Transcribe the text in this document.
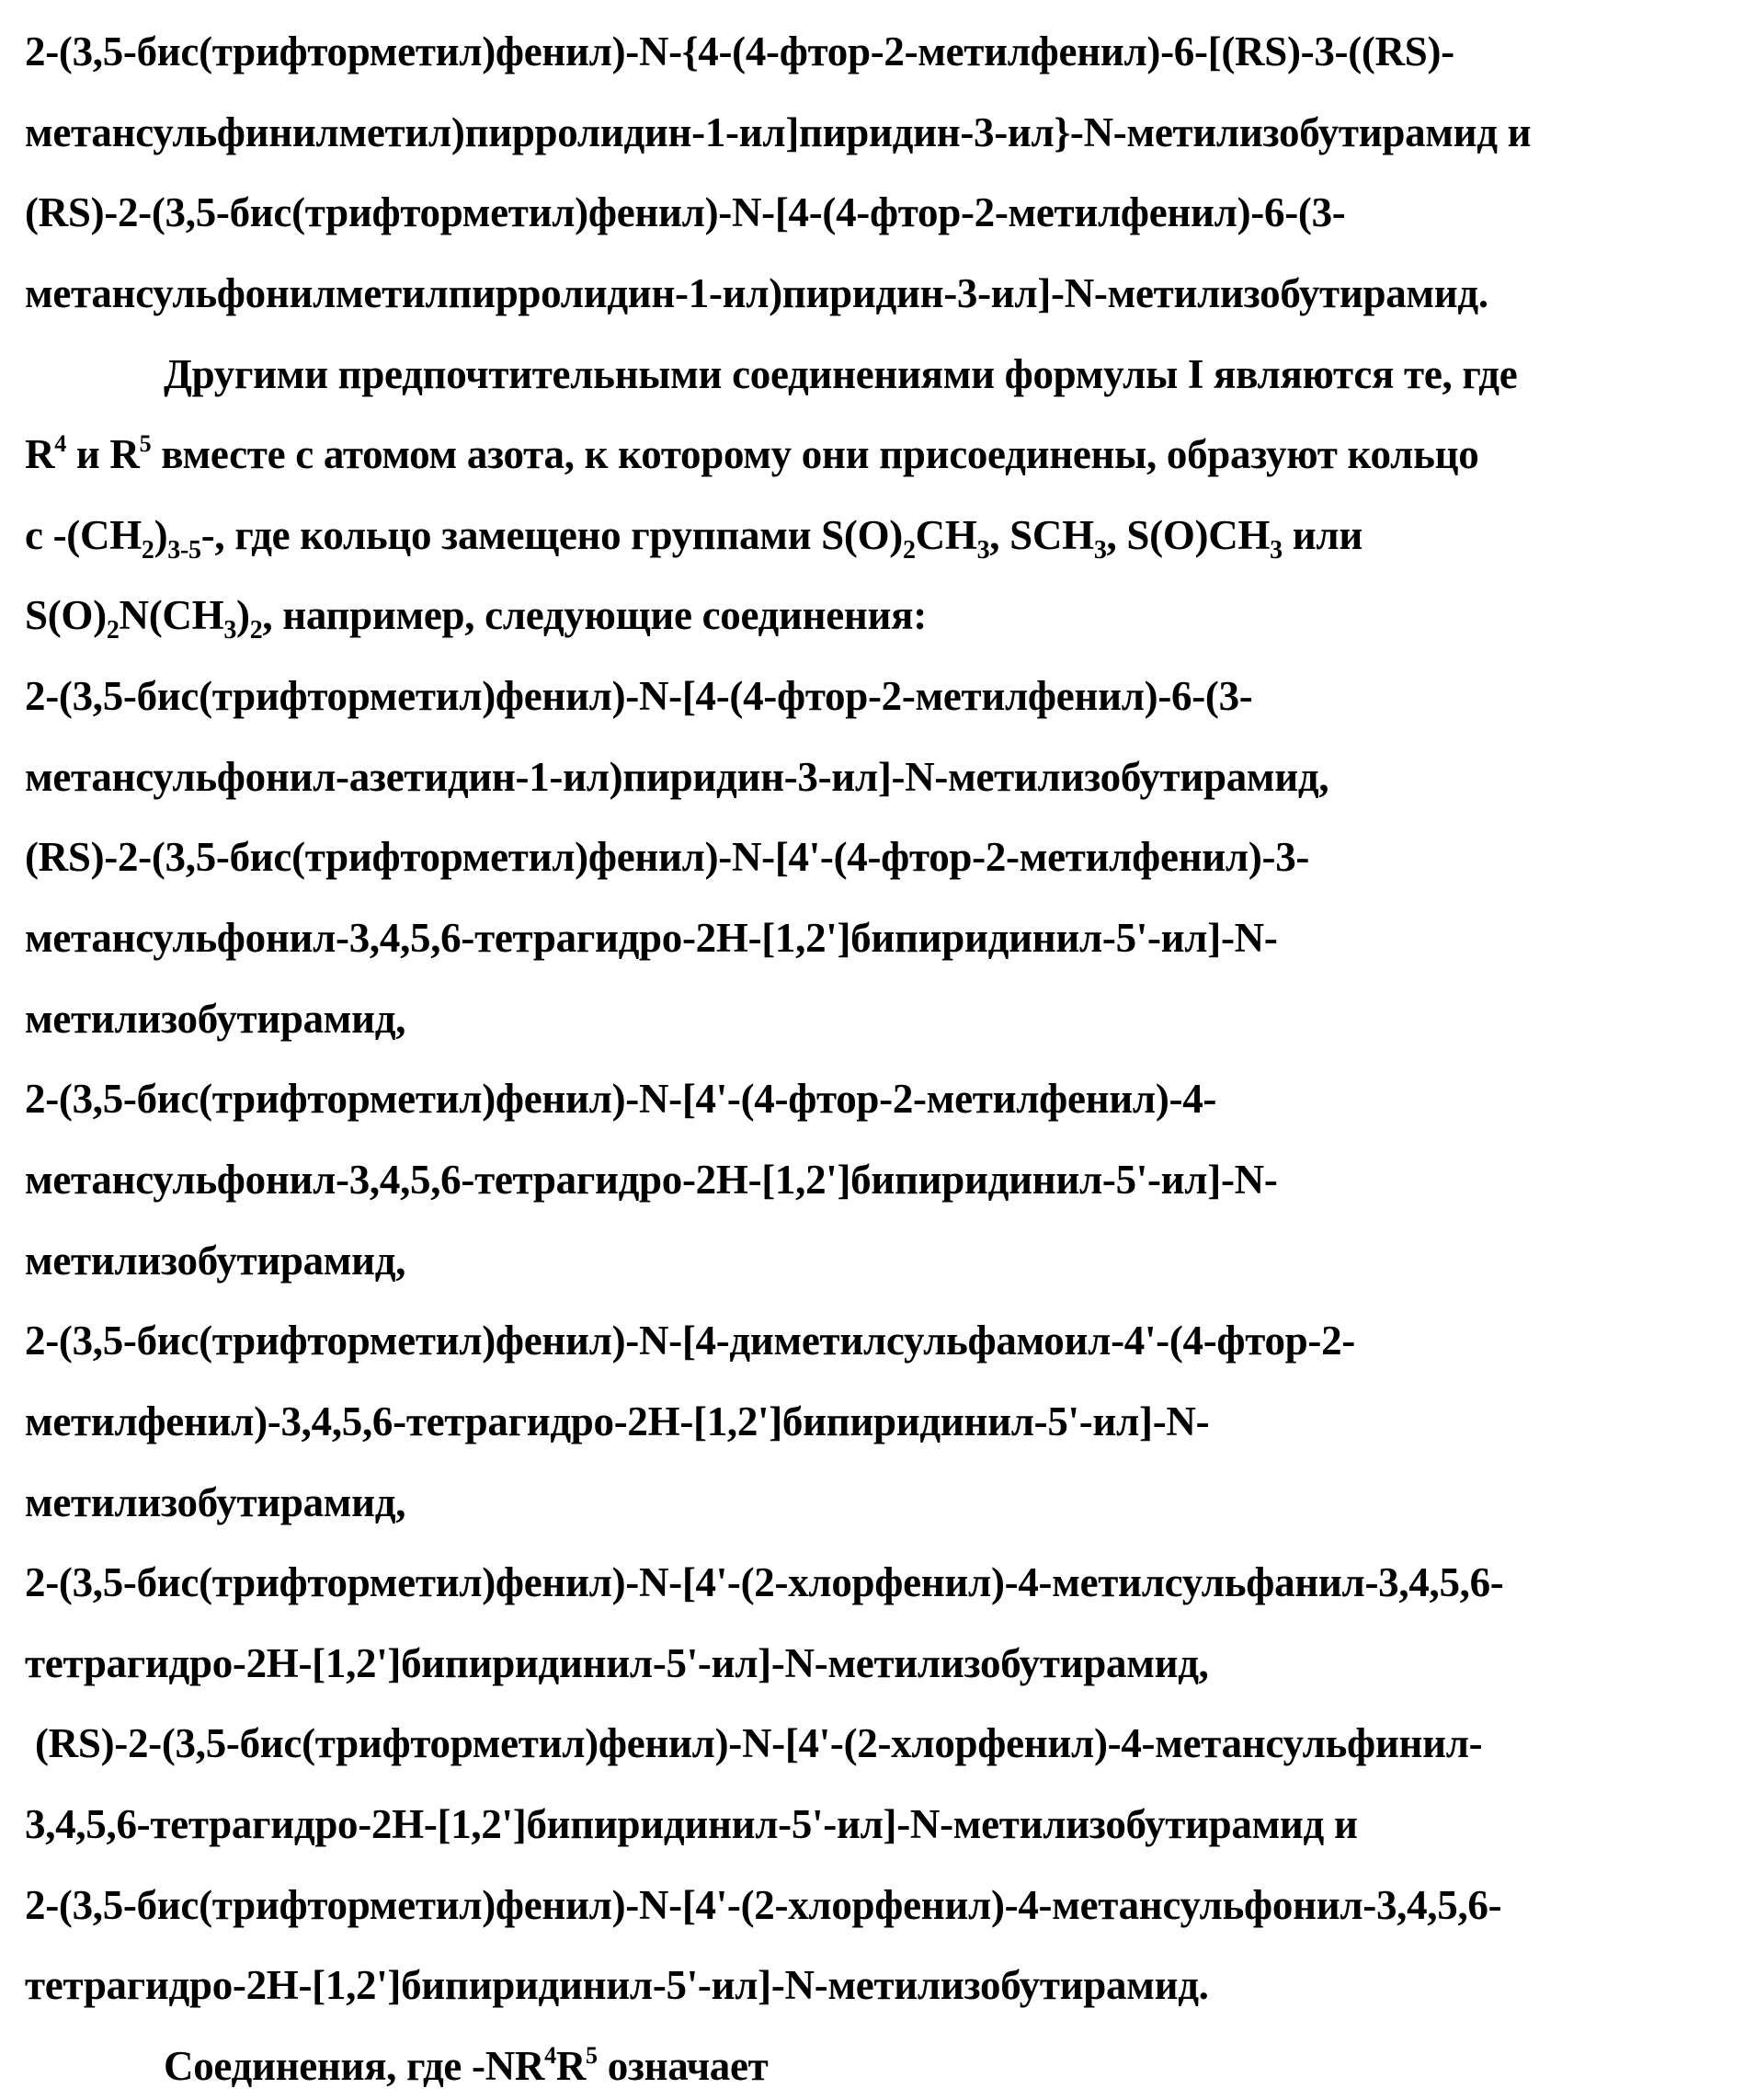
2-(3,5-бис(трифторметил)фенил)-N-{4-(4-фтор-2-метилфенил)-6-[(RS)-3-((RS)-
метансульфинилметил)пирролидин-1-ил]пиридин-3-ил}-N-метилизобутирамид и
(RS)-2-(3,5-бис(трифторметил)фенил)-N-[4-(4-фтор-2-метилфенил)-6-(3-
метансульфонилметилпирролидин-1-ил)пиридин-3-ил]-N-метилизобутирамид.
Другими предпочтительными соединениями формулы I являются те, где
$R^4$ и $R^5$ вместе с атомом азота, к которому они присоединены, образуют кольцо
с $-(CH_2)_{3-5}-$, где кольцо замещено группами $S(O)_2CH_3$, $SCH_3$, $S(O)CH_3$ или
$S(O)_2N(CH_3)_2$, например, следующие соединения:
2-(3,5-бис(трифторметил)фенил)-N-[4-(4-фтор-2-метилфенил)-6-(3-
метансульфонил-азетидин-1-ил)пиридин-3-ил]-N-метилизобутирамид,
(RS)-2-(3,5-бис(трифторметил)фенил)-N-[4'-(4-фтор-2-метилфенил)-3-
метансульфонил-3,4,5,6-тетрагидро-2H-[1,2']бипиридинил-5'-ил]-N-
метилизобутирамид,
2-(3,5-бис(трифторметил)фенил)-N-[4'-(4-фтор-2-метилфенил)-4-
метансульфонил-3,4,5,6-тетрагидро-2H-[1,2']бипиридинил-5'-ил]-N-
метилизобутирамид,
2-(3,5-бис(трифторметил)фенил)-N-[4-диметилсульфамоил-4'-(4-фтор-2-
метилфенил)-3,4,5,6-тетрагидро-2H-[1,2']бипиридинил-5'-ил]-N-
метилизобутирамид,
2-(3,5-бис(трифторметил)фенил)-N-[4'-(2-хлорфенил)-4-метилсульфанил-3,4,5,6-
тетрагидро-2H-[1,2']бипиридинил-5'-ил]-N-метилизобутирамид,
(RS)-2-(3,5-бис(трифторметил)фенил)-N-[4'-(2-хлорфенил)-4-метансульфинил-
3,4,5,6-тетрагидро-2H-[1,2']бипиридинил-5'-ил]-N-метилизобутирамид и
2-(3,5-бис(трифторметил)фенил)-N-[4'-(2-хлорфенил)-4-метансульфонил-3,4,5,6-
тетрагидро-2H-[1,2']бипиридинил-5'-ил]-N-метилизобутирамид.
Соединения, где $-NR^4R^5$ означает
